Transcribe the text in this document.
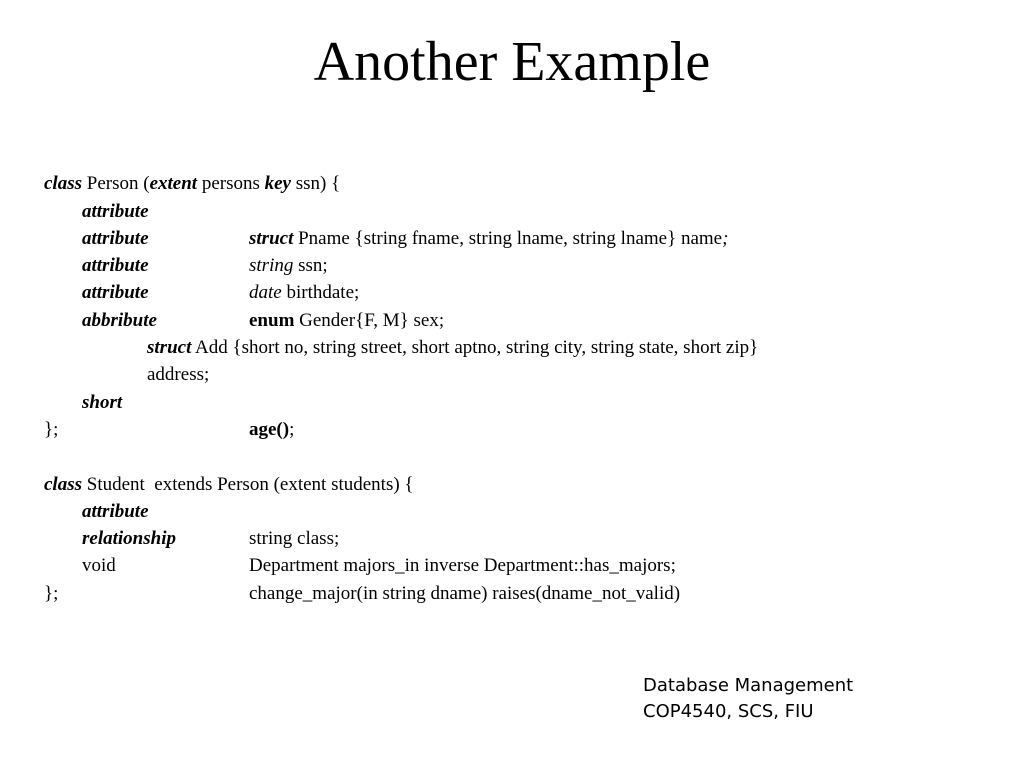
Another Example

class Person (extent persons key ssn) {

attribute

struct Pname {string fname, string lname, string lname} name;

attribute

string ssn;

attribute

date birthdate;

attribute

enum Gender{F, M} sex;

abbribute

struct Add {short no, string street, short aptno, string city, string state, short zip}

address;

short

age();

};

class Student  extends Person (extent students) {

attribute

string class;

relationship

Department majors_in inverse Department::has_majors;

void

change_major(in string dname) raises(dname_not_valid)

};

Database Management
COP4540, SCS, FIU
